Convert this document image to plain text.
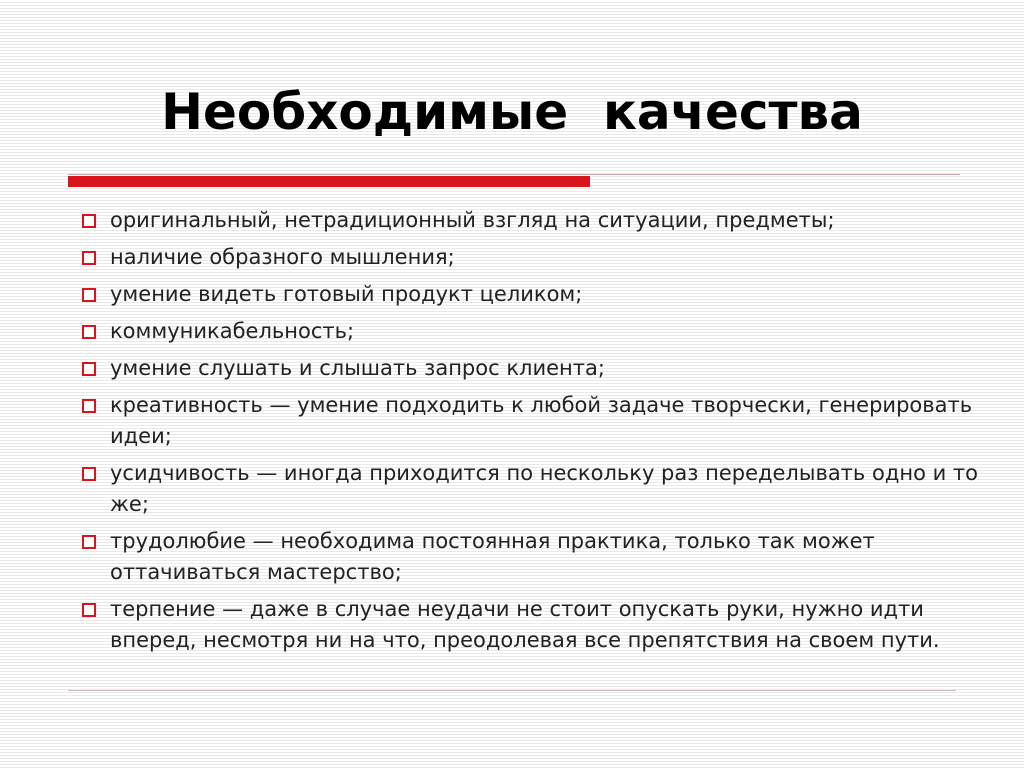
Необходимые  качества
оригинальный, нетрадиционный взгляд на ситуации, предметы;
наличие образного мышления;
умение видеть готовый продукт целиком;
коммуникабельность;
умение слушать и слышать запрос клиента;
креативность — умение подходить к любой задаче творчески, генерировать идеи;
усидчивость — иногда приходится по нескольку раз переделывать одно и то же;
трудолюбие — необходима постоянная практика, только так может оттачиваться мастерство;
терпение — даже в случае неудачи не стоит опускать руки, нужно идти вперед, несмотря ни на что, преодолевая все препятствия на своем пути.
